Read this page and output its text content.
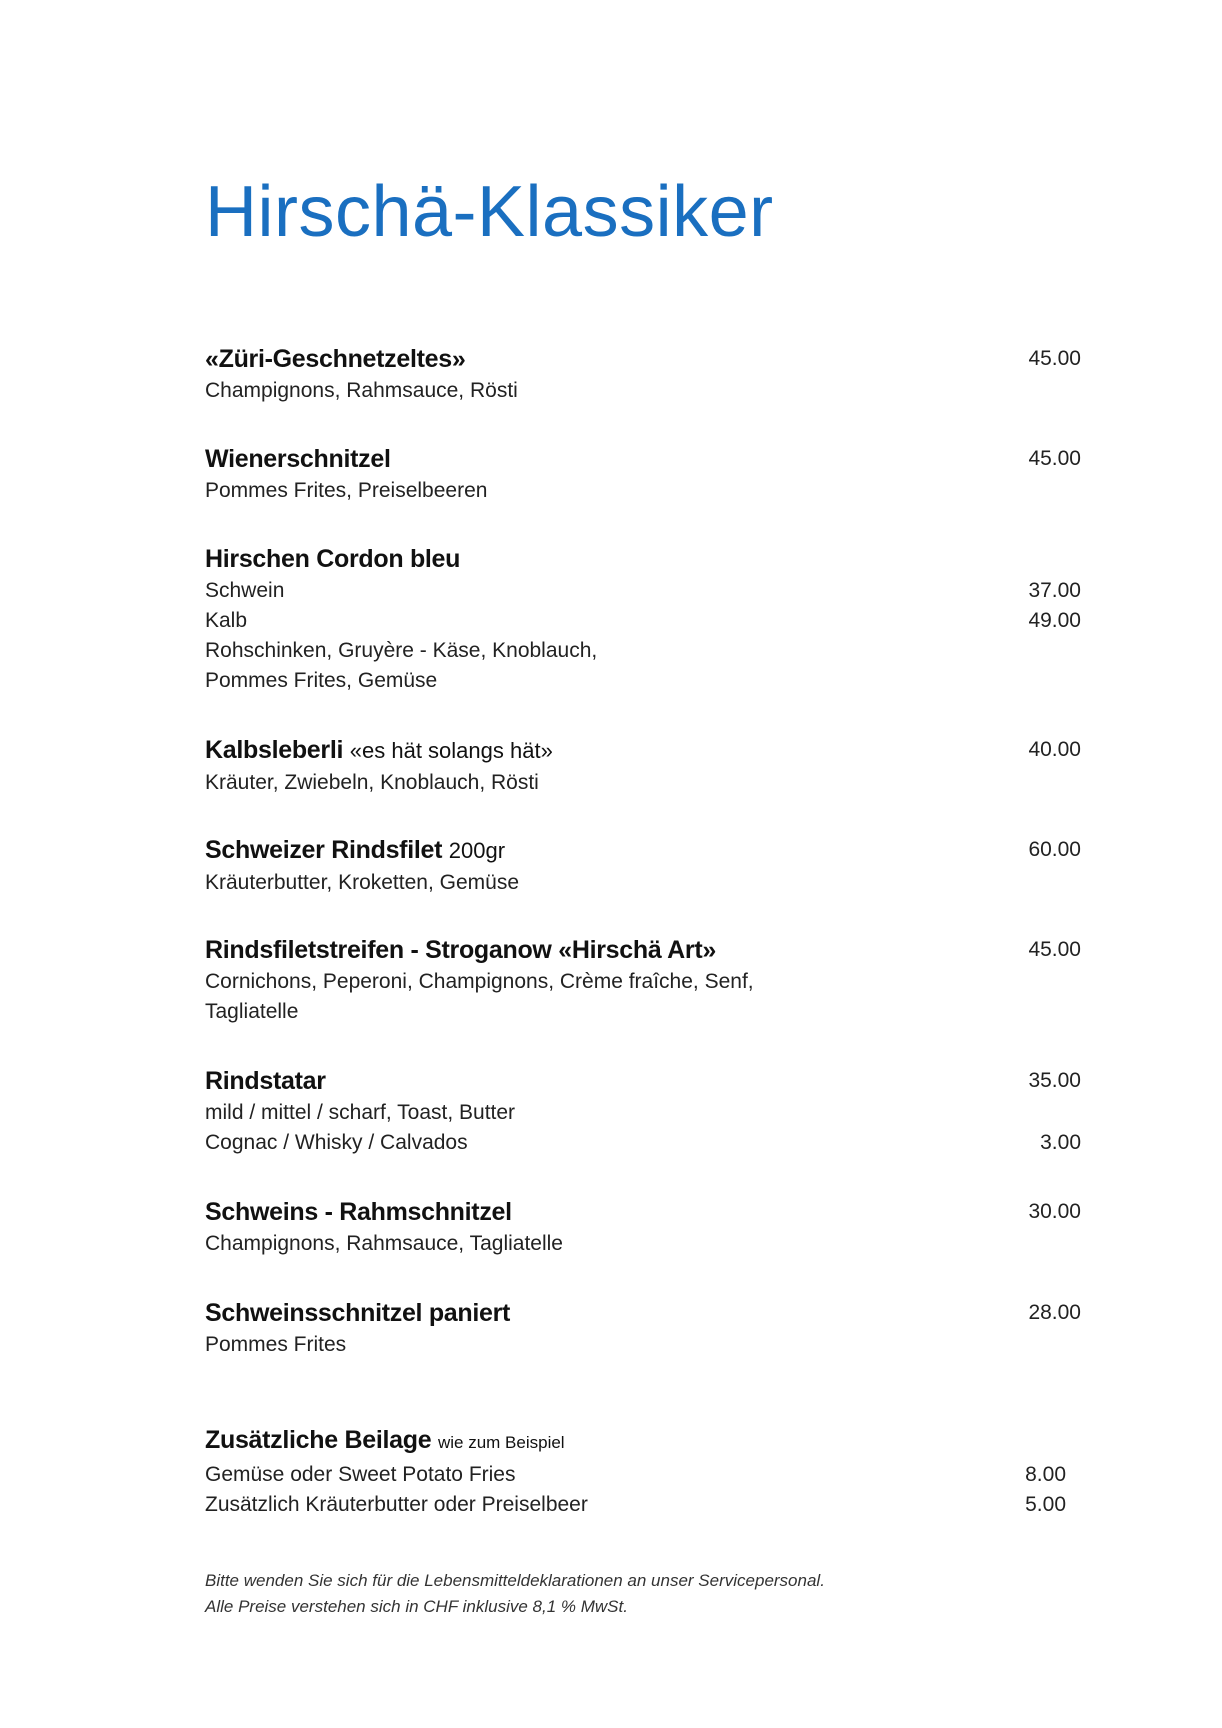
Hirschä-Klassiker
«Züri-Geschnetzeltes»	45.00
Champignons, Rahmsauce, Rösti
Wienerschnitzel	45.00
Pommes Frites, Preiselbeeren
Hirschen Cordon bleu
Schwein	37.00
Kalb	49.00
Rohschinken, Gruyère - Käse, Knoblauch,
Pommes Frites, Gemüse
Kalbsleberli «es hät solangs hät»	40.00
Kräuter, Zwiebeln, Knoblauch, Rösti
Schweizer Rindsfilet 200gr	60.00
Kräuterbutter, Kroketten, Gemüse
Rindsfiletstreifen - Stroganow «Hirschä Art»	45.00
Cornichons, Peperoni, Champignons, Crème fraîche, Senf,
Tagliatelle
Rindstatar	35.00
mild / mittel / scharf, Toast, Butter
Cognac / Whisky / Calvados	3.00
Schweins - Rahmschnitzel	30.00
Champignons, Rahmsauce, Tagliatelle
Schweinsschnitzel paniert	28.00
Pommes Frites
Zusätzliche Beilage wie zum Beispiel
Gemüse oder Sweet Potato Fries	8.00
Zusätzlich Kräuterbutter oder Preiselbeer	5.00
Bitte wenden Sie sich für die Lebensmitteldeklarationen an unser Servicepersonal.
Alle Preise verstehen sich in CHF inklusive 8,1 % MwSt.
